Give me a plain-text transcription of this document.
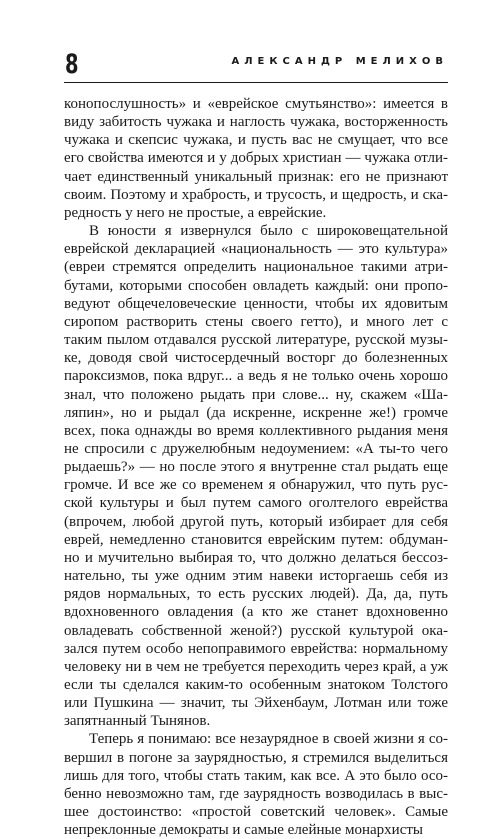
8	АЛЕКСАНДР МЕЛИХОВ

конопослушность» и «еврейское смутьянство»: имеется в виду забитость чужака и наглость чужака, восторженность чужака и скепсис чужака, и пусть вас не смущает, что все его свойства имеются и у добрых христиан — чужака отличает единственный уникальный признак: его не признают своим. Поэтому и храбрость, и трусость, и щедрость, и скаредность у него не простые, а еврейские.

В юности я извернулся было с широковещательной еврейской декларацией «национальность — это культура» (евреи стремятся определить национальное такими атрибутами, которыми способен овладеть каждый: они проповедуют общечеловеческие ценности, чтобы их ядовитым сиропом растворить стены своего гетто), и много лет с таким пылом отдавался русской литературе, русской музыке, доводя свой чистосердечный восторг до болезненных пароксизмов, пока вдруг... а ведь я не только очень хорошо знал, что положено рыдать при слове... ну, скажем «Шаляпин», но и рыдал (да искренне, искренне же!) громче всех, пока однажды во время коллективного рыдания меня не спросили с дружелюбным недоумением: «А ты-то чего рыдаешь?» — но после этого я внутренне стал рыдать еще громче. И все же со временем я обнаружил, что путь русской культуры и был путем самого оголтелого еврейства (впрочем, любой другой путь, который избирает для себя еврей, немедленно становится еврейским путем: обдуманно и мучительно выбирая то, что должно делаться бессознательно, ты уже одним этим навеки исторгаешь себя из рядов нормальных, то есть русских людей). Да, да, путь вдохновенного овладения (а кто же станет вдохновенно овладевать собственной женой?) русской культурой оказался путем особо непоправимого еврейства: нормальному человеку ни в чем не требуется переходить через край, а уж если ты сделался каким-то особенным знатоком Толстого или Пушкина — значит, ты Эйхенбаум, Лотман или тоже запятнанный Тынянов.

Теперь я понимаю: все незаурядное в своей жизни я совершил в погоне за заурядностью, я стремился выделиться лишь для того, чтобы стать таким, как все. А это было особенно невозможно там, где заурядность возводилась в высшее достоинство: «простой советский человек». Самые непреклонные демократы и самые елейные монархисты
